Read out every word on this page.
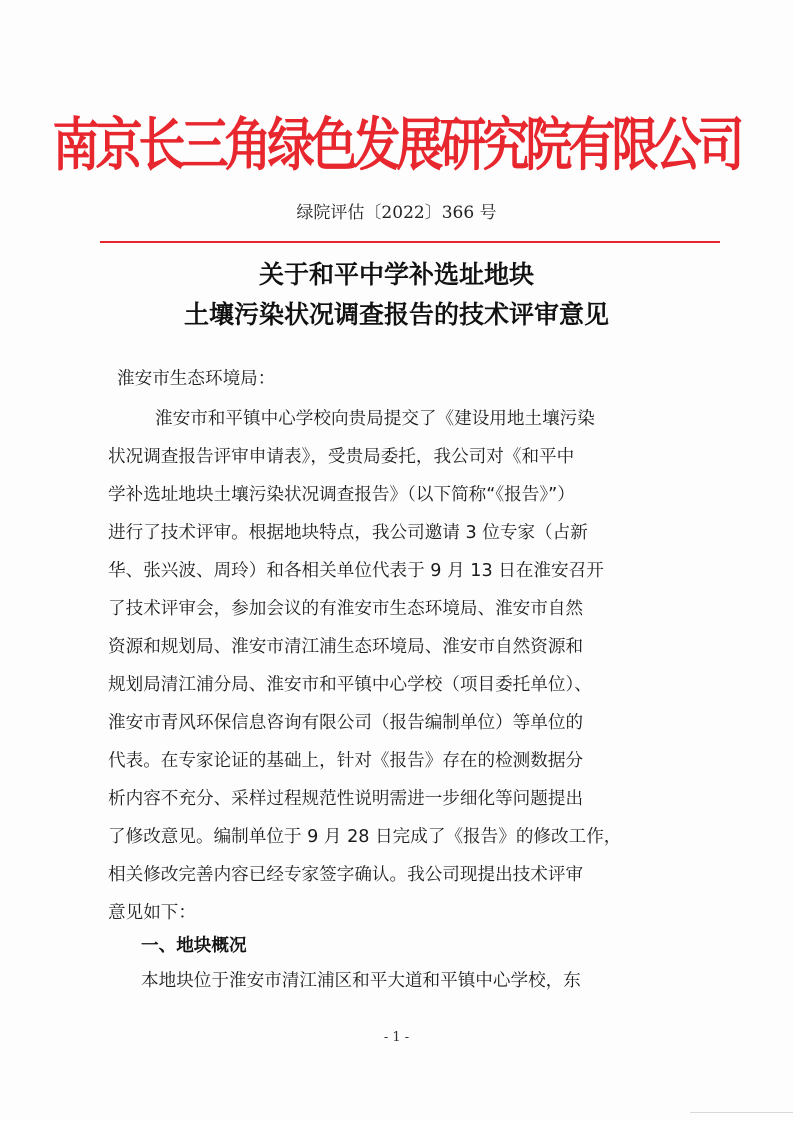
南京长三角绿色发展研究院有限公司
绿院评估〔2022〕366 号
关于和平中学补选址地块
土壤污染状况调查报告的技术评审意见
淮安市生态环境局：
淮安市和平镇中心学校向贵局提交了《建设用地土壤污染
状况调查报告评审申请表》，受贵局委托，我公司对《和平中
学补选址地块土壤污染状况调查报告》（以下简称“《报告》”）
进行了技术评审。根据地块特点，我公司邀请 3 位专家（占新
华、张兴波、周玲）和各相关单位代表于 9 月 13 日在淮安召开
了技术评审会，参加会议的有淮安市生态环境局、淮安市自然
资源和规划局、淮安市清江浦生态环境局、淮安市自然资源和
规划局清江浦分局、淮安市和平镇中心学校（项目委托单位）、
淮安市青风环保信息咨询有限公司（报告编制单位）等单位的
代表。在专家论证的基础上，针对《报告》存在的检测数据分
析内容不充分、采样过程规范性说明需进一步细化等问题提出
了修改意见。编制单位于 9 月 28 日完成了《报告》的修改工作，
相关修改完善内容已经专家签字确认。我公司现提出技术评审
意见如下：
一、地块概况
本地块位于淮安市清江浦区和平大道和平镇中心学校，东
- 1 -
